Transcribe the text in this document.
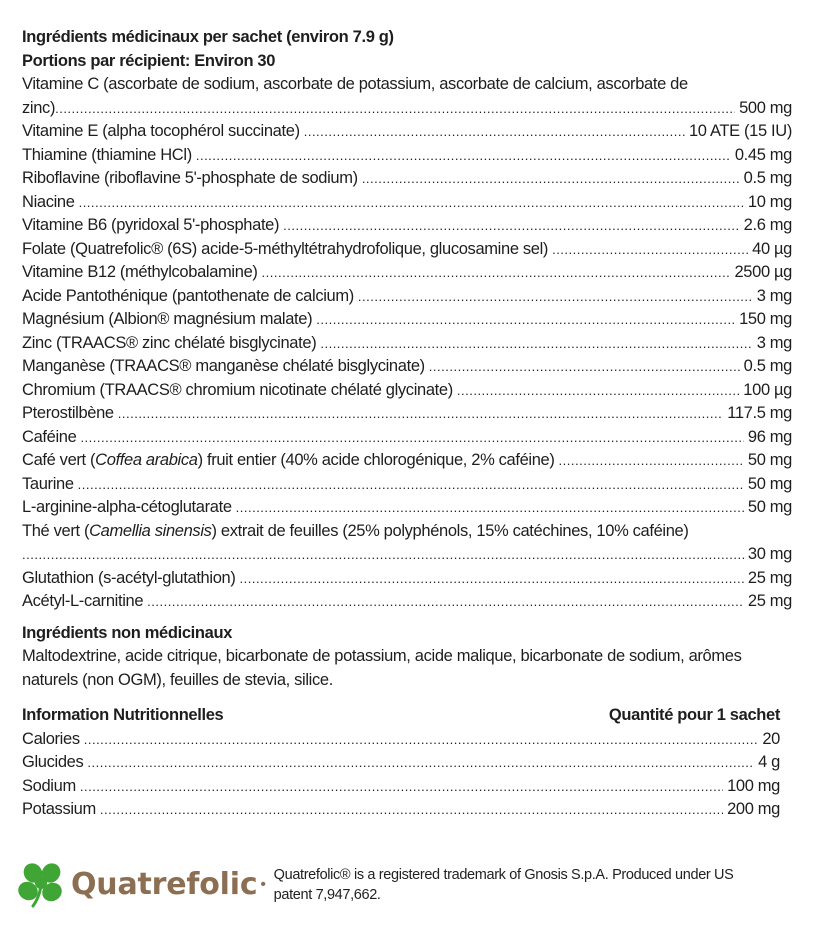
Ingrédients médicinaux per sachet (environ 7.9 g)
Portions par récipient: Environ 30
Vitamine C (ascorbate de sodium, ascorbate de potassium, ascorbate de calcium, ascorbate de
zinc) .....	500 mg
Vitamine E (alpha tocophérol succinate) .....	10 ATE (15 IU)
Thiamine (thiamine HCl) .....	0.45 mg
Riboflavine (riboflavine 5'-phosphate de sodium) .....	0.5 mg
Niacine .....	10 mg
Vitamine B6 (pyridoxal 5'-phosphate) .....	2.6 mg
Folate (Quatrefolic® (6S) acide-5-méthyltétrahydrofolique, glucosamine sel) .....	40 µg
Vitamine B12 (méthylcobalamine) .....	2500 µg
Acide Pantothénique (pantothenate de calcium) .....	3 mg
Magnésium (Albion® magnésium malate) .....	150 mg
Zinc (TRAACS® zinc chélaté bisglycinate) .....	3 mg
Manganèse (TRAACS® manganèse chélaté bisglycinate) .....	0.5 mg
Chromium (TRAACS® chromium nicotinate chélaté glycinate) .....	100 µg
Pterostilbène .....	117.5 mg
Caféine .....	96 mg
Café vert (Coffea arabica) fruit entier (40% acide chlorogénique, 2% caféine) .....	50 mg
Taurine .....	50 mg
L-arginine-alpha-cétoglutarate .....	50 mg
Thé vert (Camellia sinensis) extrait de feuilles (25% polyphénols, 15% catéchines, 10% caféine)
.....
30 mg
Glutathion (s-acétyl-glutathion) .....	25 mg
Acétyl-L-carnitine .....	25 mg
Ingrédients non médicinaux
Maltodextrine, acide citrique, bicarbonate de potassium, acide malique, bicarbonate de sodium, arômes naturels (non OGM), feuilles de stevia, silice.
Information Nutritionnelles	Quantité pour 1 sachet
Calories .....	20
Glucides .....	4 g
Sodium .....	100 mg
Potassium .....	200 mg
Quatrefolic •
Quatrefolic® is a registered trademark of Gnosis S.p.A. Produced under US patent 7,947,662.
